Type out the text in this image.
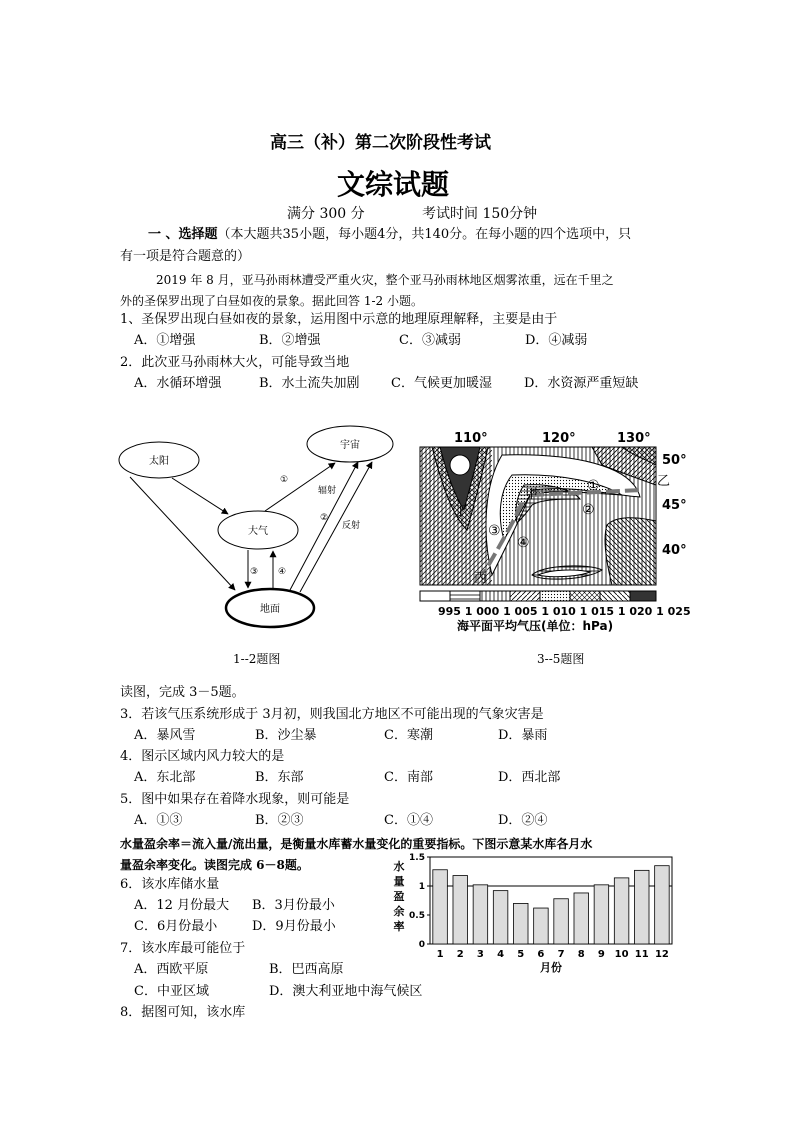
高三（补）第二次阶段性考试
文综试题
满分 300 分	考试时间 150分钟
一 、选择题（本大题共35小题，每小题4分，共140分。在每小题的四个选项中，只
有一项是符合题意的）
2019 年 8 月，亚马孙雨林遭受严重火灾，整个亚马孙雨林地区烟雾浓重，远在千里之
外的圣保罗出现了白昼如夜的景象。据此回答 1-2 小题。
1、圣保罗出现白昼如夜的景象，运用图中示意的地理原理解释，主要是由于
A．①增强	B．②增强	C．③减弱	D．④减弱
2．此次亚马孙雨林大火，可能导致当地
A．水循环增强	B．水土流失加剧 C．气候更加暖湿 D．水资源严重短缺
太阳
宇宙
大气
地面
①
辐射
②
反射
③ ④
1--2题图
110°	120°	130°
50°
45°
40°
甲
乙
丙
丁
①
②
③
④
995 1 000 1 005 1 010 1 015 1 020 1 025
海平面平均气压(单位：hPa)
3--5题图
读图，完成 3－5题。
3．若该气压系统形成于 3月初，则我国北方地区不可能出现的气象灾害是
A．暴风雪	B．沙尘暴	C．寒潮	D．暴雨
4．图示区域内风力较大的是
A．东北部	B．东部	C．南部	D．西北部
5．图中如果存在着降水现象，则可能是
A．①③	B．②③	C．①④	D．②④
水量盈余率＝流入量/流出量，是衡量水库蓄水量变化的重要指标。下图示意某水库各月水
量盈余率变化。读图完成 6－8题。
6．该水库储水量
A．12 月份最大 B．3月份最小
C．6月份最小	D．9月份最小
7．该水库最可能位于
A．西欧平原	B．巴西高原
C．中亚区域	D．澳大利亚地中海气候区
8．据图可知，该水库
0
0.5
1
1.5
1 2 3 4 5 6 7 8 9 10 11 12
月份
水量盈余率
